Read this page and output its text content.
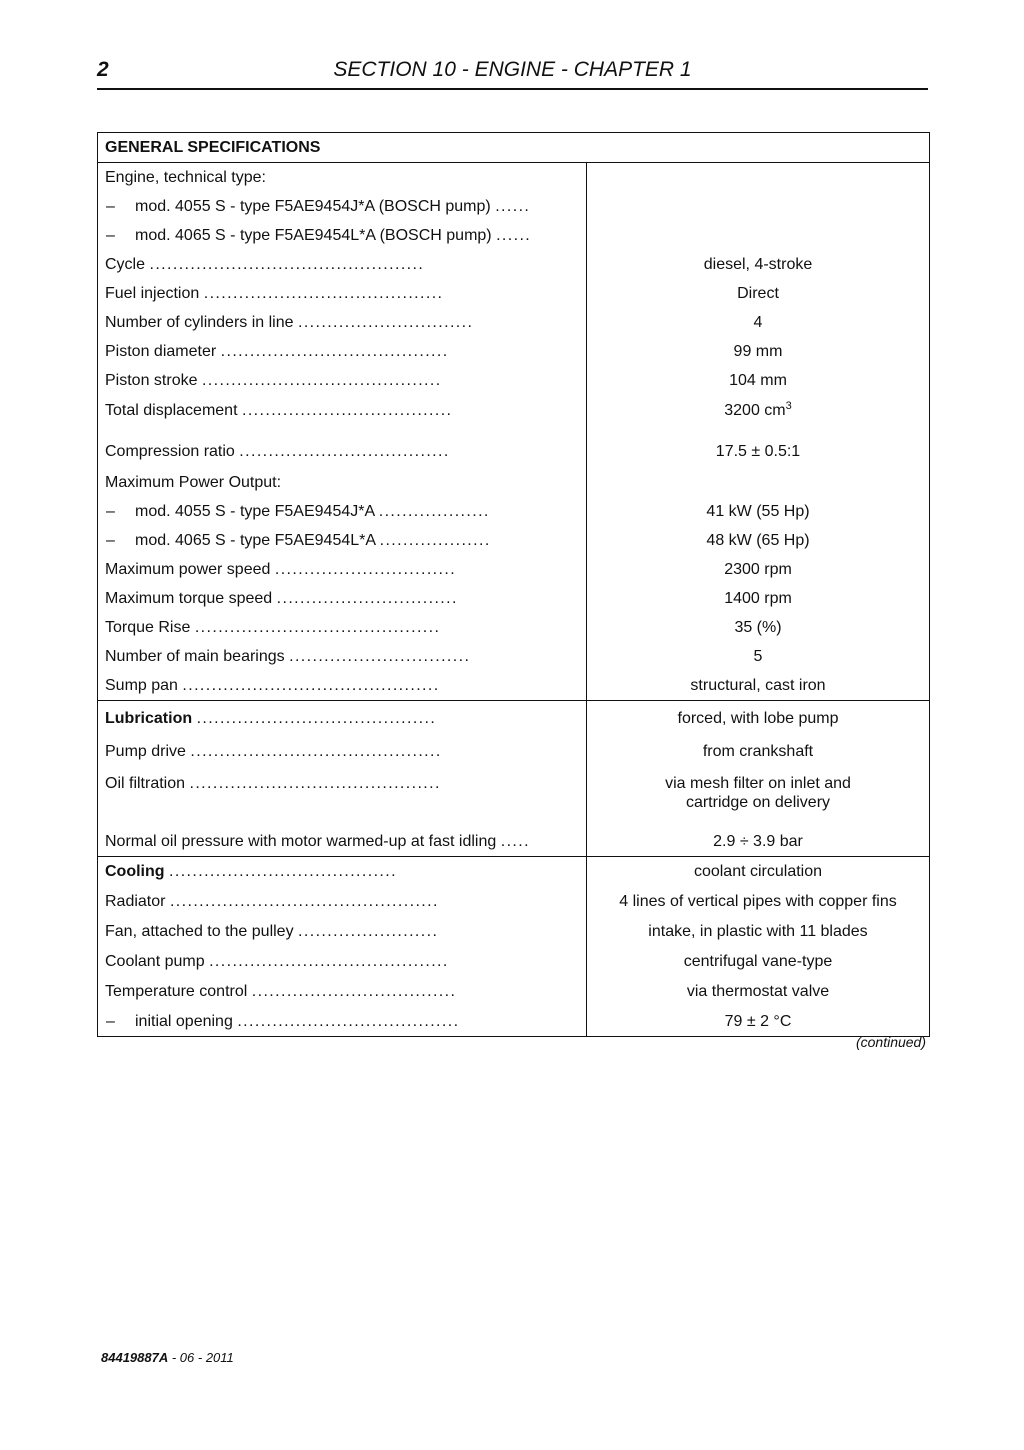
2	SECTION 10 - ENGINE - CHAPTER 1
GENERAL SPECIFICATIONS	
Engine, technical type:	
– mod. 4055 S - type F5AE9454J*A (BOSCH pump) ......	
– mod. 4065 S - type F5AE9454L*A (BOSCH pump) ......	
Cycle ...............................................	diesel, 4-stroke
Fuel injection .........................................	Direct
Number of cylinders in line ..............................	4
Piston diameter .......................................	99 mm
Piston stroke .........................................	104 mm
Total displacement ....................................	3200 $cm^3$
Compression ratio ....................................	17.5 ± 0.5:1
Maximum Power Output:	
– mod. 4055 S - type F5AE9454J*A ...................	41 kW (55 Hp)
– mod. 4065 S - type F5AE9454L*A ...................	48 kW (65 Hp)
Maximum power speed ...............................	2300 rpm
Maximum torque speed ...............................	1400 rpm
Torque Rise ..........................................	35 (%)
Number of main bearings ...............................	5
Sump pan ............................................	structural, cast iron
Lubrication .........................................	forced, with lobe pump
Pump drive ...........................................	from crankshaft
Oil filtration ...........................................	via mesh filter on inlet and
cartridge on delivery

Normal oil pressure with motor warmed-up at fast idling .....	2.9 ÷ 3.9 bar
Cooling .......................................	coolant circulation
Radiator ..............................................	4 lines of vertical pipes with copper fins
Fan, attached to the pulley ........................	intake, in plastic with 11 blades
Coolant pump .........................................	centrifugal vane-type
Temperature control ...................................	via thermostat valve
– initial opening ......................................	79 ± 2 °C
(continued)
84419887A - 06 - 2011
